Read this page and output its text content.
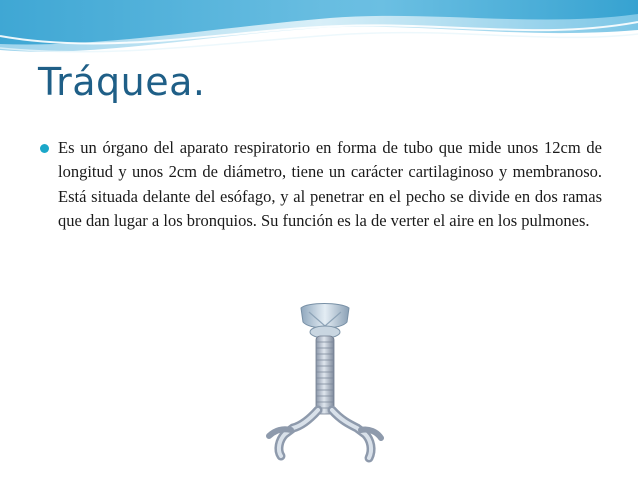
Tráquea.

Es un órgano del aparato respiratorio en forma de tubo que mide unos 12cm de longitud y unos 2cm de diámetro, tiene un carácter cartilaginoso y membranoso. Está situada delante del esófago, y al penetrar en el pecho se divide en dos ramas que dan lugar a los bronquios. Su función es la de verter el aire en los pulmones.
